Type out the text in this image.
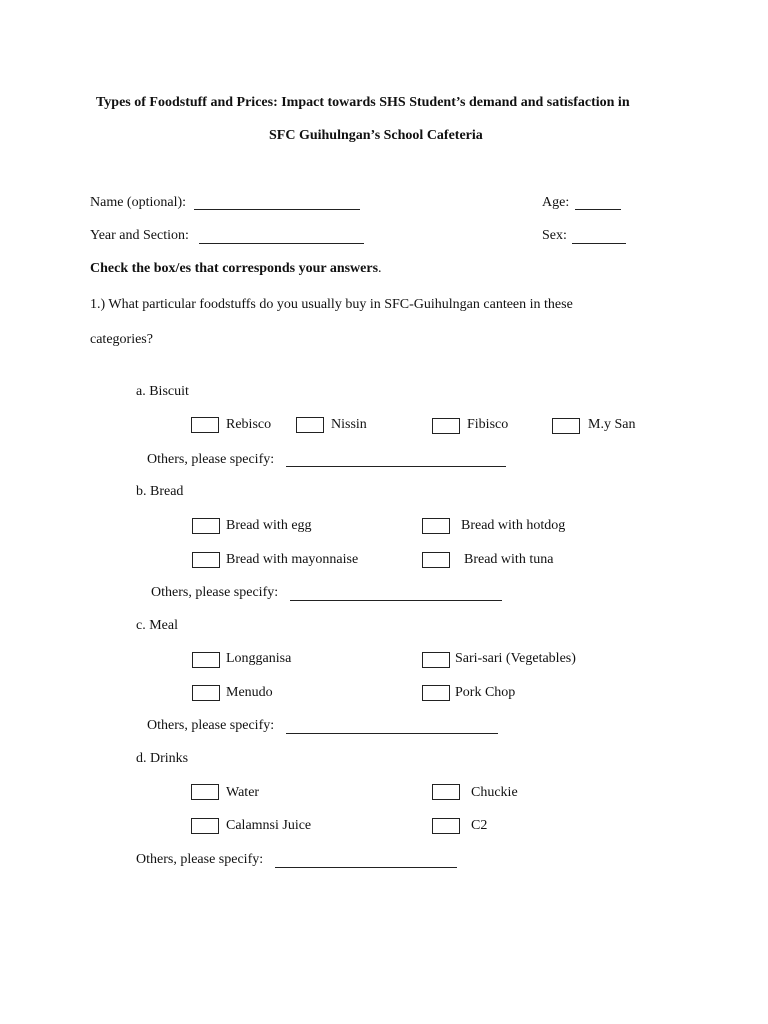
Types of Foodstuff and Prices: Impact towards SHS Student’s demand and satisfaction in
SFC Guihulngan’s School Cafeteria
Name (optional):	Age:
Year and Section:	Sex:
Check the box/es that corresponds your answers.
1.) What particular foodstuffs do you usually buy in SFC-Guihulngan canteen in these
categories?
a. Biscuit
Rebisco	Nissin	Fibisco	M.y San
Others, please specify:
b. Bread
Bread with egg	Bread with hotdog
Bread with mayonnaise	Bread with tuna
Others, please specify:
c. Meal
Longganisa	Sari-sari (Vegetables)
Menudo	Pork Chop
Others, please specify:
d. Drinks
Water	Chuckie
Calamnsi Juice	C2
Others, please specify:
